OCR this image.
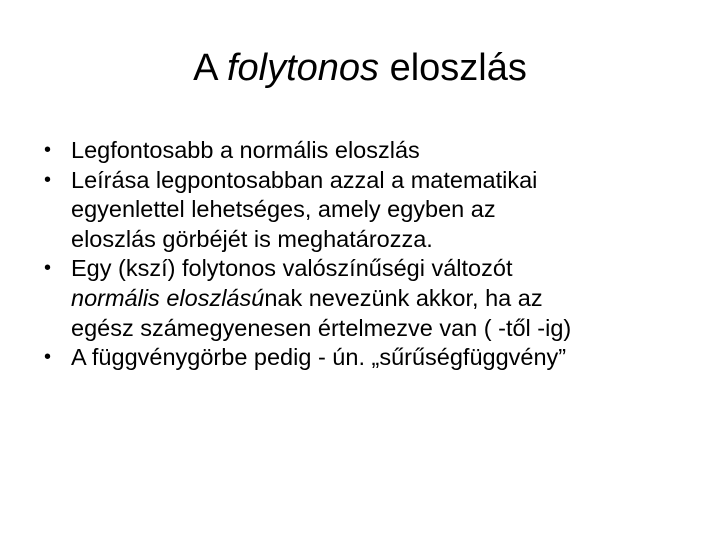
A folytonos eloszlás
• Legfontosabb a normális eloszlás
• Leírása legpontosabban azzal a matematikai
egyenlettel lehetséges, amely egyben az
eloszlás görbéjét is meghatározza.
• Egy (kszí) folytonos valószínűségi változót
normális eloszlásúnak nevezünk akkor, ha az
egész számegyenesen értelmezve van ( -től -ig)
• A függvénygörbe pedig - ún. „sűrűségfüggvény”
